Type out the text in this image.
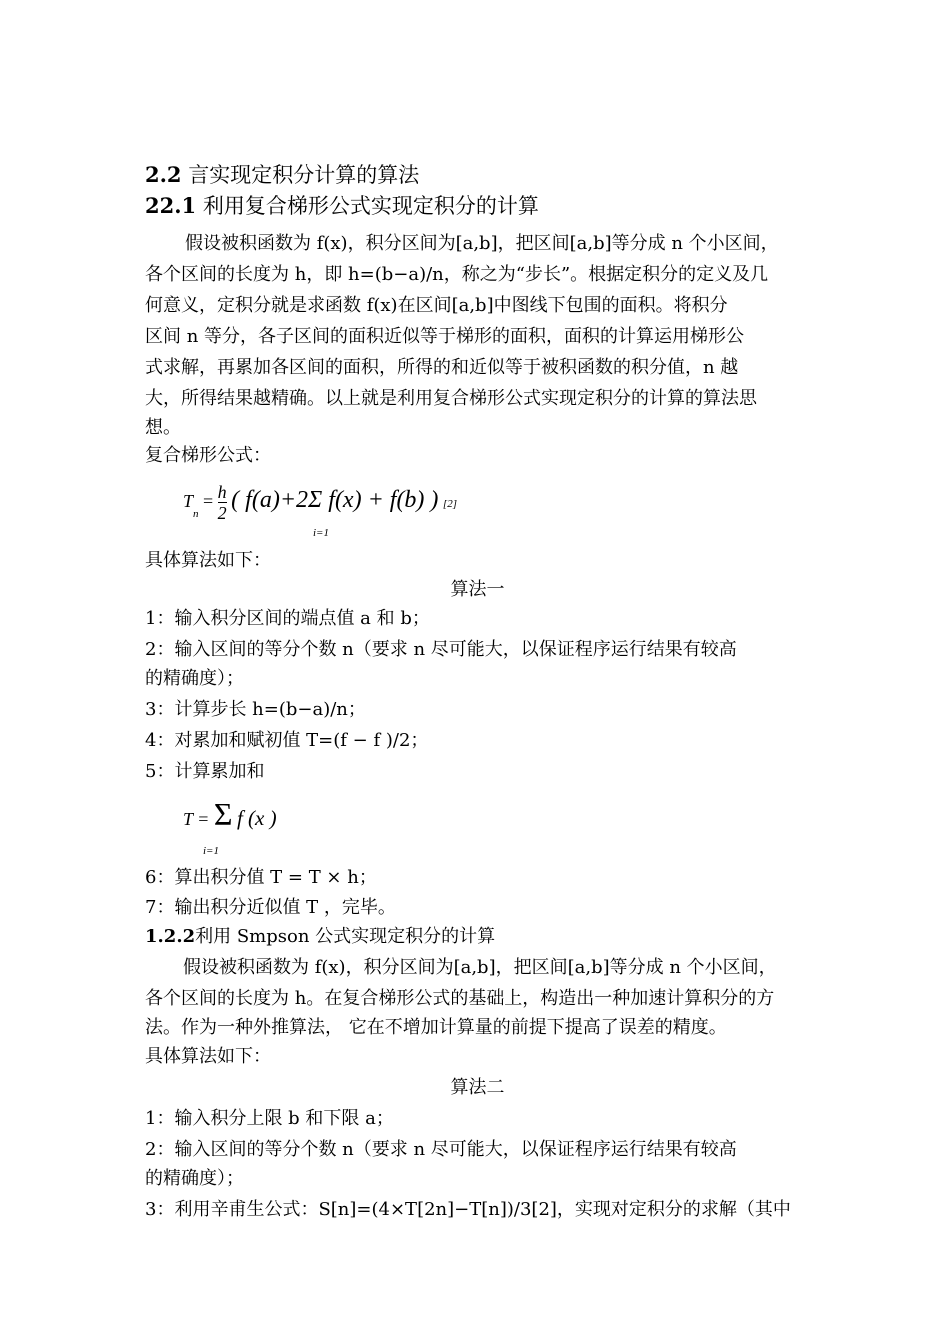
2.2 言实现定积分计算的算法
22.1 利用复合梯形公式实现定积分的计算
假设被积函数为 f(x)，积分区间为[a,b]，把区间[a,b]等分成 n 个小区间，
各个区间的长度为 h，即 h=(b−a)/n，称之为“步长”。根据定积分的定义及几
何意义，定积分就是求函数 f(x)在区间[a,b]中图线下包围的面积。将积分
区间 n 等分，各子区间的面积近似等于梯形的面积，面积的计算运用梯形公
式求解，再累加各区间的面积，所得的和近似等于被积函数的积分值，n 越
大，所得结果越精确。以上就是利用复合梯形公式实现定积分的计算的算法思
想。
复合梯形公式：
$T_n = \frac{h}{2}$ ( f(a)+2Σ f(x) + f(b) ) [2]
i=1
具体算法如下：
算法一
1：输入积分区间的端点值 a 和 b；
2：输入区间的等分个数 n（要求 n 尽可能大，以保证程序运行结果有较高
的精确度）；
3：计算步长 h=(b−a)/n；
4：对累加和赋初值 T=(f − f )/2；
5：计算累加和
T = Σ f (x )
i=1
6：算出积分值 T = T × h；
7：输出积分近似值 T ，完毕。
1.2.2利用 Smpson 公式实现定积分的计算
假设被积函数为 f(x)，积分区间为[a,b]，把区间[a,b]等分成 n 个小区间，
各个区间的长度为 h。在复合梯形公式的基础上，构造出一种加速计算积分的方
法。作为一种外推算法， 它在不增加计算量的前提下提高了误差的精度。
具体算法如下：
算法二
1：输入积分上限 b 和下限 a；
2：输入区间的等分个数 n（要求 n 尽可能大，以保证程序运行结果有较高
的精确度）；
3：利用辛甫生公式：S[n]=(4×T[2n]−T[n])/3[2]，实现对定积分的求解（其中
